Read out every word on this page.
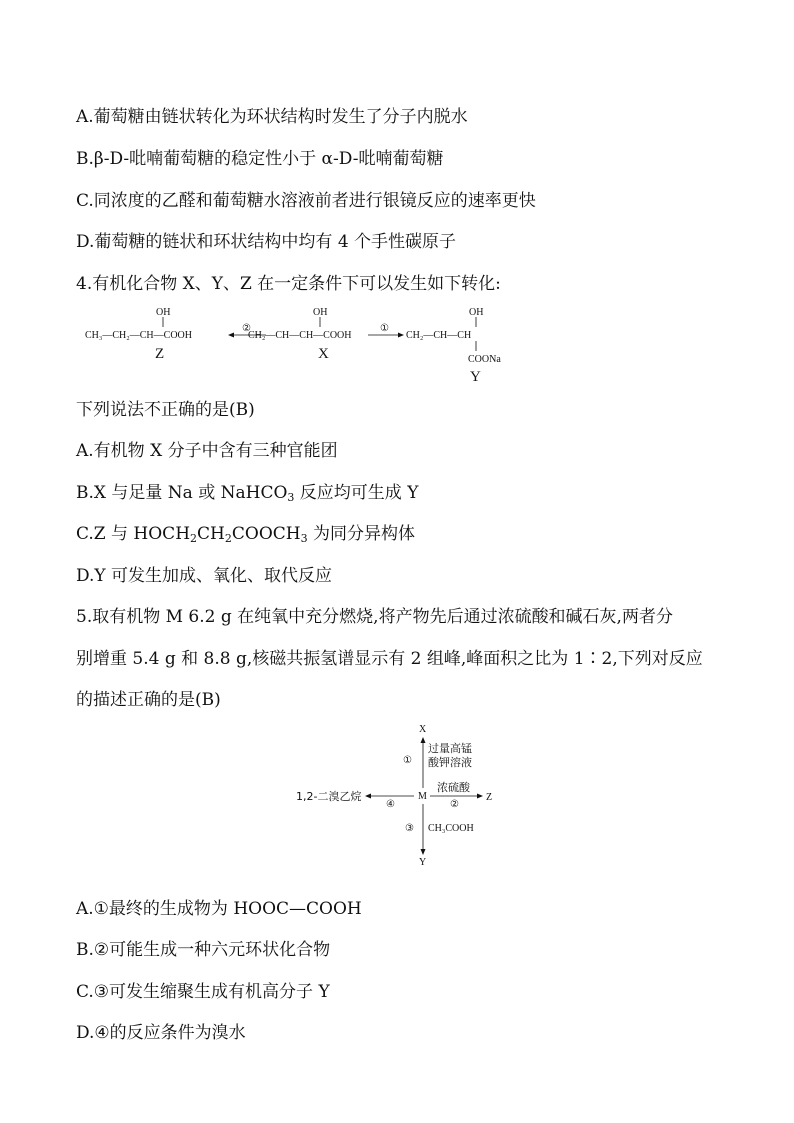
A.葡萄糖由链状转化为环状结构时发生了分子内脱水
B.β-D-吡喃葡萄糖的稳定性小于 α-D-吡喃葡萄糖
C.同浓度的乙醛和葡萄糖水溶液前者进行银镜反应的速率更快
D.葡萄糖的链状和环状结构中均有 4 个手性碳原子
4.有机化合物 X、Y、Z 在一定条件下可以发生如下转化:
OH
CH₃—CH₂—CH—COOH
Z
②
OH
CH₂—CH—CH—COOH
X
①
OH
CH₂—CH—CH
COONa
Y
下列说法不正确的是(B)
A.有机物 X 分子中含有三种官能团
B.X 与足量 Na 或 NaHCO$_3$ 反应均可生成 Y
C.Z 与 $HOCH_2CH_2COOCH_3$ 为同分异构体
D.Y 可发生加成、氧化、取代反应
5.取有机物 M 6.2 g 在纯氧中充分燃烧,将产物先后通过浓硫酸和碱石灰,两者分
别增重 5.4 g 和 8.8 g,核磁共振氢谱显示有 2 组峰,峰面积之比为 1∶2,下列对反应
的描述正确的是(B)
M
X
①
过量高锰
酸钾溶液
Z
浓硫酸
②
1,2-二溴乙烷
④
Y
③ CH₃COOH
A.①最终的生成物为 HOOC—COOH
B.②可能生成一种六元环状化合物
C.③可发生缩聚生成有机高分子 Y
D.④的反应条件为溴水
